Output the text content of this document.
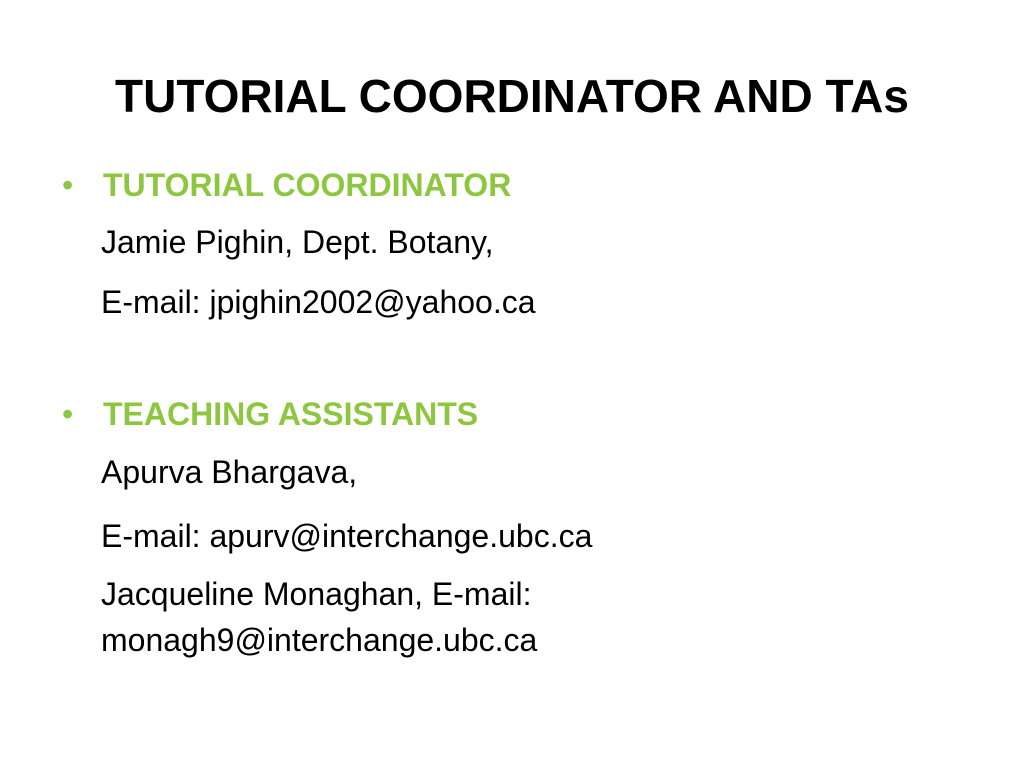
TUTORIAL COORDINATOR AND TAs
• TUTORIAL COORDINATOR
Jamie Pighin, Dept. Botany,
E-mail: jpighin2002@yahoo.ca
• TEACHING ASSISTANTS
Apurva Bhargava,
E-mail: apurv@interchange.ubc.ca
Jacqueline Monaghan, E-mail:
monagh9@interchange.ubc.ca
